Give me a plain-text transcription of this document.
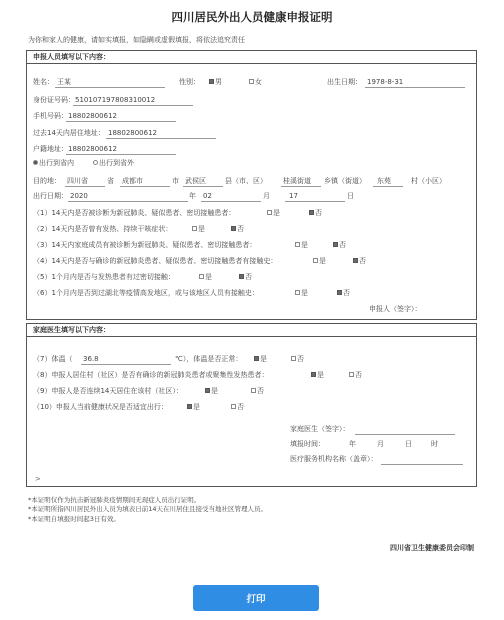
四川居民外出人员健康申报证明
为你和家人的健康，请如实填报，如隐瞒或虚假填报，将依法追究责任
申报人员填写以下内容：
姓名： 王某	性别：	男	女	出生日期： 1978-8-31
身份证号码： 510107197808310012
手机号码： 18802800612
过去14天内居住地址： 18802800612
户籍地址： 18802800612
出行到省内	出行到省外
目的地： 四川省	省 成都市	市 武侯区	县（市、区） 桂溪街道 乡镇（街道） 东苑	村（小区）
出行日期： 2020	年 02	月	17	日
（1）14天内是否被诊断为新冠肺炎、疑似患者、密切接触患者：	是	否
（2）14天内是否曾有发热、持续干咳症状：	是	否
（3）14天内家庭成员有被诊断为新冠肺炎、疑似患者、密切接触患者：	是	否
（4）14天内是否与确诊的新冠肺炎患者、疑似患者、密切接触患者有接触史：	是	否
（5）1个月内是否与发热患者有过密切接触：	是	否
（6）1个月内是否到过湖北等疫情高发地区，或与该地区人员有接触史：	是	否
申报人（签字）：
家庭医生填写以下内容：
（7）体温（ 36.8	℃），体温是否正常：	是	否
（8）申报人居住村（社区）是否有确诊的新冠肺炎患者或聚集性发热患者：	是	否
（9）申报人是否连续14天居住在该村（社区）：	是	否
（10）申报人当前健康状况是否适宜出行：	是	否
家庭医生（签字）：
填报时间：	年	月	日	时
医疗服务机构名称（盖章）：
>
*本证明仅作为抗击新冠肺炎疫情期间无现症人员出行证明。
*本证明所指四川居民外出人员为填表日前14天在川居住且接受当地社区管理人员。
*本证明自填报时间起3日有效。
四川省卫生健康委员会印制
打印
